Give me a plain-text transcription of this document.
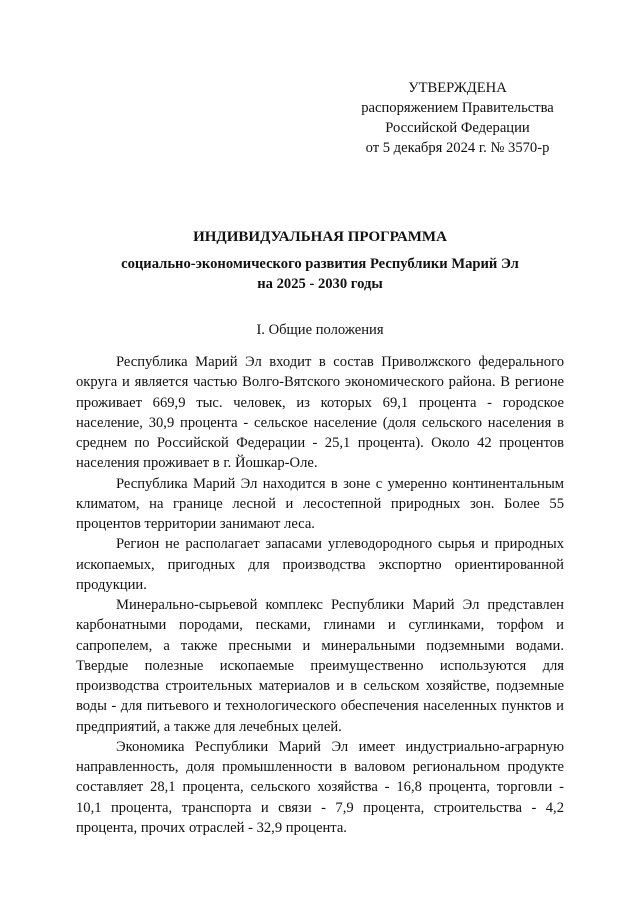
УТВЕРЖДЕНА
распоряжением Правительства
Российской Федерации
от 5 декабря 2024 г. № 3570-р
ИНДИВИДУАЛЬНАЯ ПРОГРАММА
социально-экономического развития Республики Марий Эл
на 2025 - 2030 годы
I. Общие положения

Республика Марий Эл входит в состав Приволжского федерального округа и является частью Волго-Вятского экономического района. В регионе проживает 669,9 тыс. человек, из которых 69,1 процента - городское население, 30,9 процента - сельское население (доля сельского населения в среднем по Российской Федерации - 25,1 процента). Около 42 процентов населения проживает в г. Йошкар-Оле.

Республика Марий Эл находится в зоне с умеренно континентальным климатом, на границе лесной и лесостепной природных зон. Более 55 процентов территории занимают леса.

Регион не располагает запасами углеводородного сырья и природных ископаемых, пригодных для производства экспортно ориентированной продукции.

Минерально-сырьевой комплекс Республики Марий Эл представлен карбонатными породами, песками, глинами и суглинками, торфом и сапропелем, а также пресными и минеральными подземными водами. Твердые полезные ископаемые преимущественно используются для производства строительных материалов и в сельском хозяйстве, подземные воды - для питьевого и технологического обеспечения населенных пунктов и предприятий, а также для лечебных целей.

Экономика Республики Марий Эл имеет индустриально-аграрную направленность, доля промышленности в валовом региональном продукте составляет 28,1 процента, сельского хозяйства - 16,8 процента, торговли - 10,1 процента, транспорта и связи - 7,9 процента, строительства - 4,2 процента, прочих отраслей - 32,9 процента.
